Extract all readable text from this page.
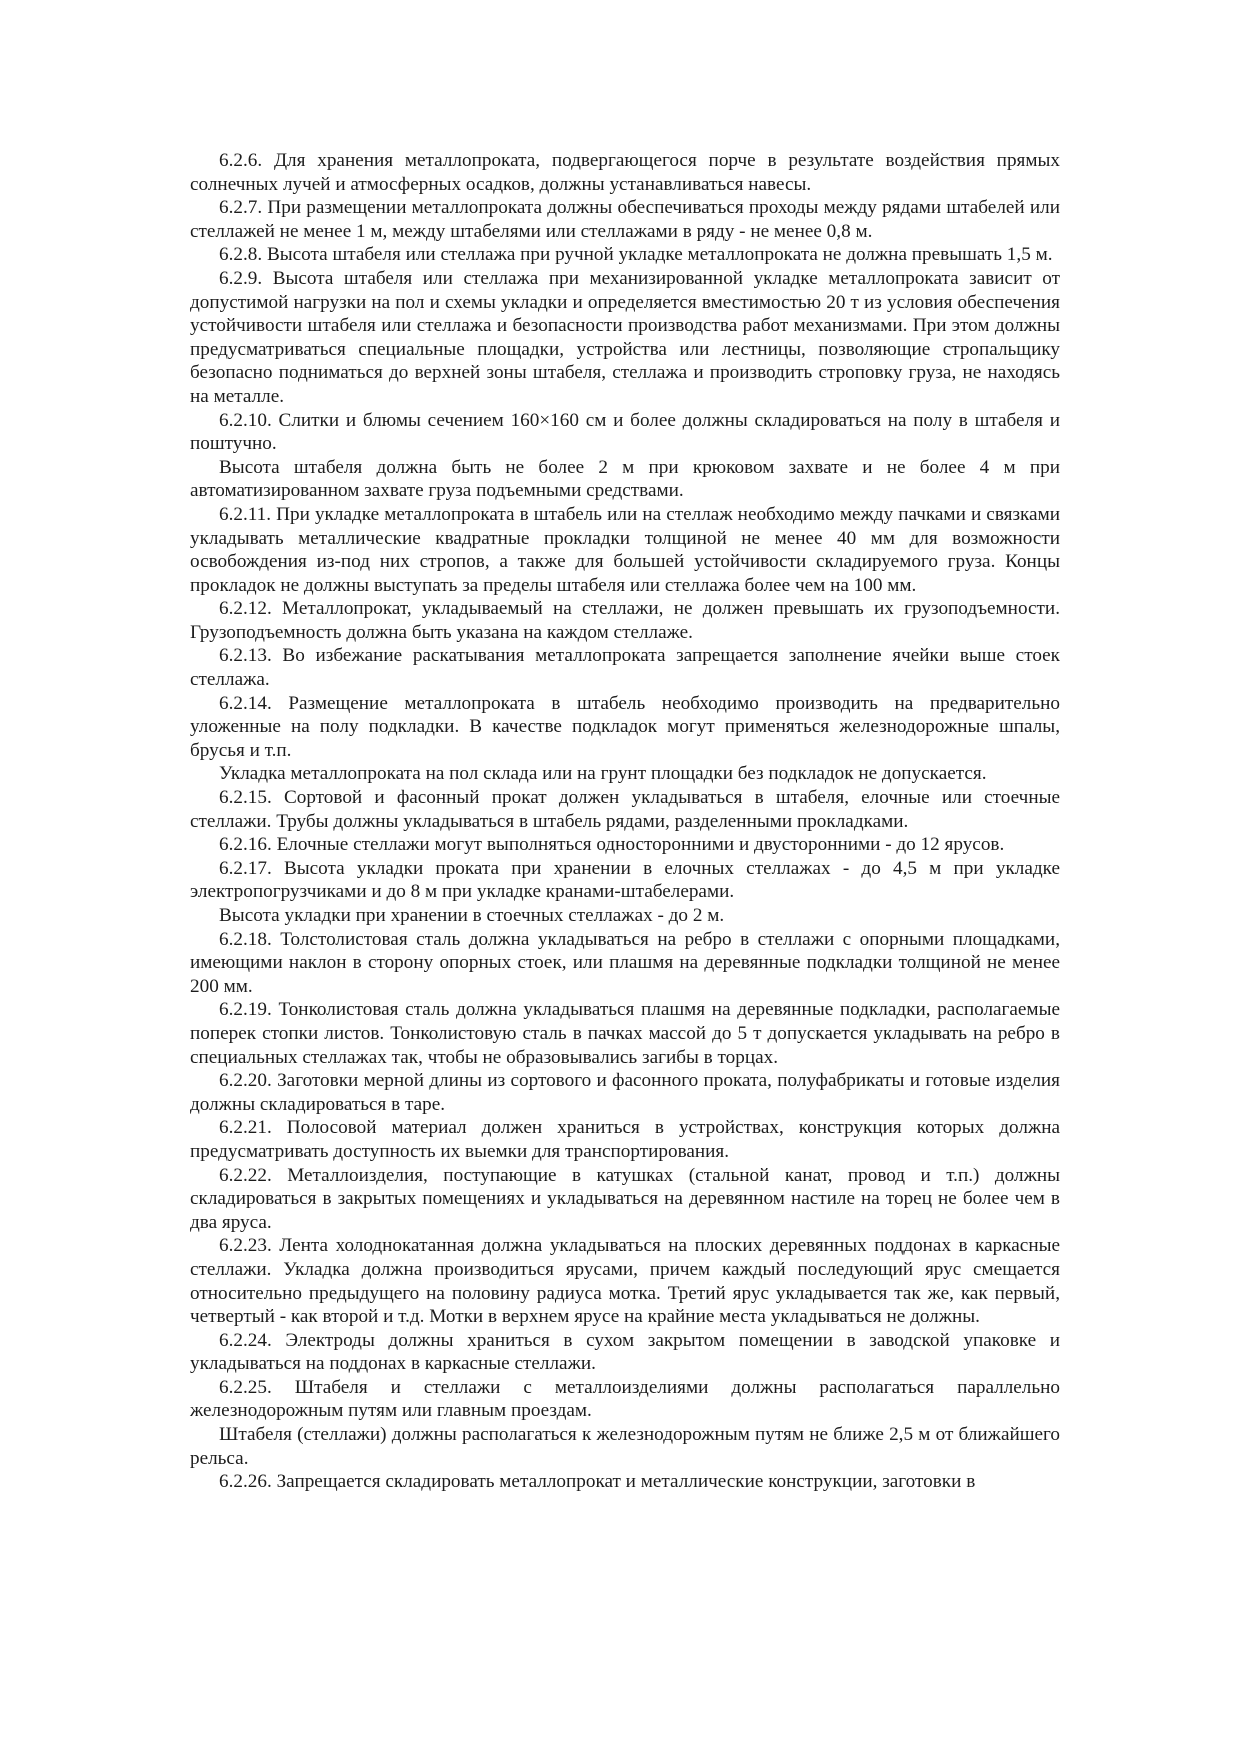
6.2.6. Для хранения металлопроката, подвергающегося порче в результате воздействия прямых солнечных лучей и атмосферных осадков, должны устанавливаться навесы.

6.2.7. При размещении металлопроката должны обеспечиваться проходы между рядами штабелей или стеллажей не менее 1 м, между штабелями или стеллажами в ряду - не менее 0,8 м.

6.2.8. Высота штабеля или стеллажа при ручной укладке металлопроката не должна превышать 1,5 м.

6.2.9. Высота штабеля или стеллажа при механизированной укладке металлопроката зависит от допустимой нагрузки на пол и схемы укладки и определяется вместимостью 20 т из условия обеспечения устойчивости штабеля или стеллажа и безопасности производства работ механизмами. При этом должны предусматриваться специальные площадки, устройства или лестницы, позволяющие стропальщику безопасно подниматься до верхней зоны штабеля, стеллажа и производить строповку груза, не находясь на металле.

6.2.10. Слитки и блюмы сечением 160×160 см и более должны складироваться на полу в штабеля и поштучно.

Высота штабеля должна быть не более 2 м при крюковом захвате и не более 4 м при автоматизированном захвате груза подъемными средствами.

6.2.11. При укладке металлопроката в штабель или на стеллаж необходимо между пачками и связками укладывать металлические квадратные прокладки толщиной не менее 40 мм для возможности освобождения из-под них стропов, а также для большей устойчивости складируемого груза. Концы прокладок не должны выступать за пределы штабеля или стеллажа более чем на 100 мм.

6.2.12. Металлопрокат, укладываемый на стеллажи, не должен превышать их грузоподъемности. Грузоподъемность должна быть указана на каждом стеллаже.

6.2.13. Во избежание раскатывания металлопроката запрещается заполнение ячейки выше стоек стеллажа.

6.2.14. Размещение металлопроката в штабель необходимо производить на предварительно уложенные на полу подкладки. В качестве подкладок могут применяться железнодорожные шпалы, брусья и т.п.

Укладка металлопроката на пол склада или на грунт площадки без подкладок не допускается.

6.2.15. Сортовой и фасонный прокат должен укладываться в штабеля, елочные или стоечные стеллажи. Трубы должны укладываться в штабель рядами, разделенными прокладками.

6.2.16. Елочные стеллажи могут выполняться односторонними и двусторонними - до 12 ярусов.

6.2.17. Высота укладки проката при хранении в елочных стеллажах - до 4,5 м при укладке электропогрузчиками и до 8 м при укладке кранами-штабелерами.

Высота укладки при хранении в стоечных стеллажах - до 2 м.

6.2.18. Толстолистовая сталь должна укладываться на ребро в стеллажи с опорными площадками, имеющими наклон в сторону опорных стоек, или плашмя на деревянные подкладки толщиной не менее 200 мм.

6.2.19. Тонколистовая сталь должна укладываться плашмя на деревянные подкладки, располагаемые поперек стопки листов. Тонколистовую сталь в пачках массой до 5 т допускается укладывать на ребро в специальных стеллажах так, чтобы не образовывались загибы в торцах.

6.2.20. Заготовки мерной длины из сортового и фасонного проката, полуфабрикаты и готовые изделия должны складироваться в таре.

6.2.21. Полосовой материал должен храниться в устройствах, конструкция которых должна предусматривать доступность их выемки для транспортирования.

6.2.22. Металлоизделия, поступающие в катушках (стальной канат, провод и т.п.) должны складироваться в закрытых помещениях и укладываться на деревянном настиле на торец не более чем в два яруса.

6.2.23. Лента холоднокатанная должна укладываться на плоских деревянных поддонах в каркасные стеллажи. Укладка должна производиться ярусами, причем каждый последующий ярус смещается относительно предыдущего на половину радиуса мотка. Третий ярус укладывается так же, как первый, четвертый - как второй и т.д. Мотки в верхнем ярусе на крайние места укладываться не должны.

6.2.24. Электроды должны храниться в сухом закрытом помещении в заводской упаковке и укладываться на поддонах в каркасные стеллажи.

6.2.25. Штабеля и стеллажи с металлоизделиями должны располагаться параллельно железнодорожным путям или главным проездам.

Штабеля (стеллажи) должны располагаться к железнодорожным путям не ближе 2,5 м от ближайшего рельса.

6.2.26. Запрещается складировать металлопрокат и металлические конструкции, заготовки в
